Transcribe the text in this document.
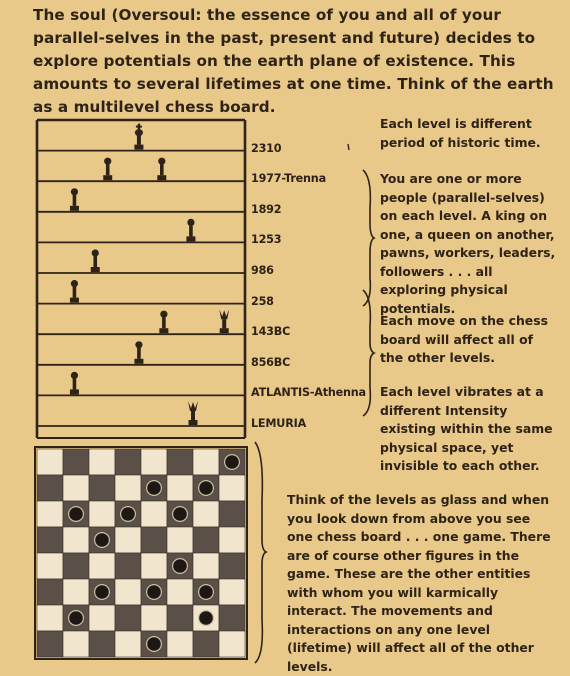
The soul (Oversoul: the essence of you and all of your parallel-selves in the past, present and future) decides to explore potentials on the earth plane of existence. This amounts to several lifetimes at one time. Think of the earth as a multilevel chess board.
2310
1977-Trenna
1892
1253
986
258
143BC
856BC
ATLANTIS-Athenna
LEMURIA
Each level is different period of historic time.
You are one or more people (parallel-selves) on each level. A king on one, a queen on another, pawns, workers, leaders, followers . . . all exploring physical potentials.
Each move on the chess board will affect all of the other levels.
Each level vibrates at a different Intensity existing within the same physical space, yet invisible to each other.
Think of the levels as glass and when you look down from above you see one chess board . . . one game. There are of course other figures in the game. These are the other entities with whom you will karmically interact. The movements and interactions on any one level (lifetime) will affect all of the other levels.
